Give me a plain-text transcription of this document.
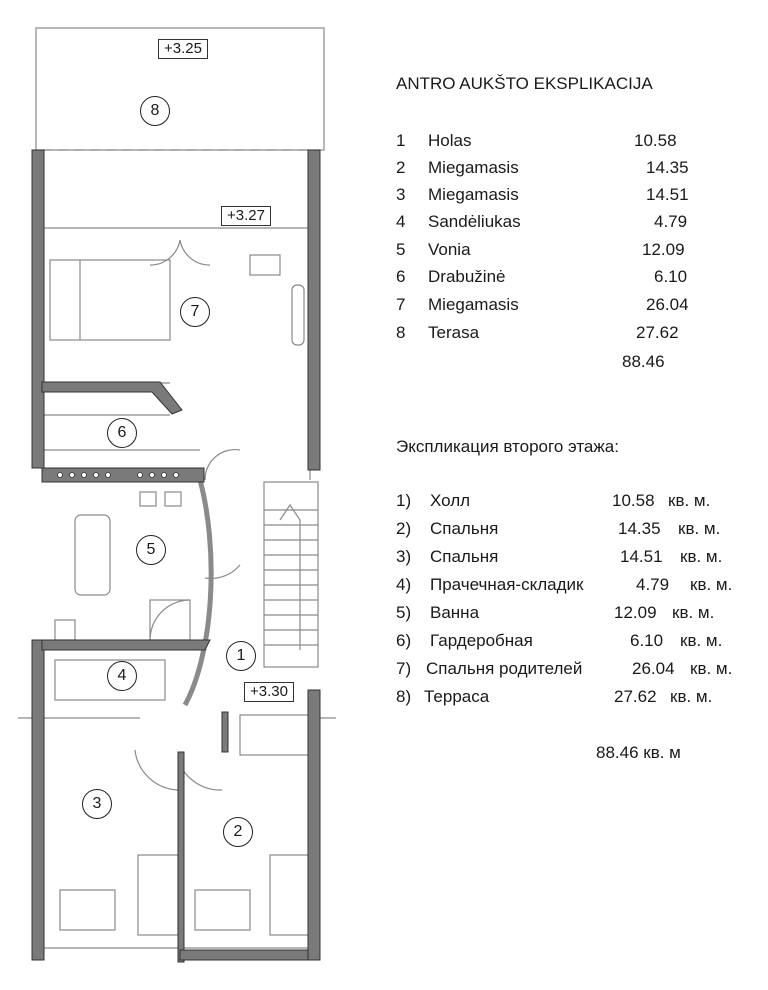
+3.25
+3.27
+3.30
1
2
3
4
5
6
7
8
ANTRO AUKŠTO EKSPLIKACIJA
1 Holas	10.58
2 Miegamasis	14.35
3 Miegamasis	14.51
4 Sandėliukas	4.79
5 Vonia	12.09
6 Drabužinė	6.10
7 Miegamasis	26.04
8 Terasa	27.62
88.46
Экспликация второго этажа:
1) Холл	10.58 кв. м.
2) Спальня	14.35 кв. м.
3) Спальня	14.51 кв. м.
4) Прачечная-складик	4.79 кв. м.
5) Ванна	12.09 кв. м.
6) Гардеробная	6.10 кв. м.
7) Спальня родителей	26.04 кв. м.
8) Терраса	27.62 кв. м.
88.46 кв. м
